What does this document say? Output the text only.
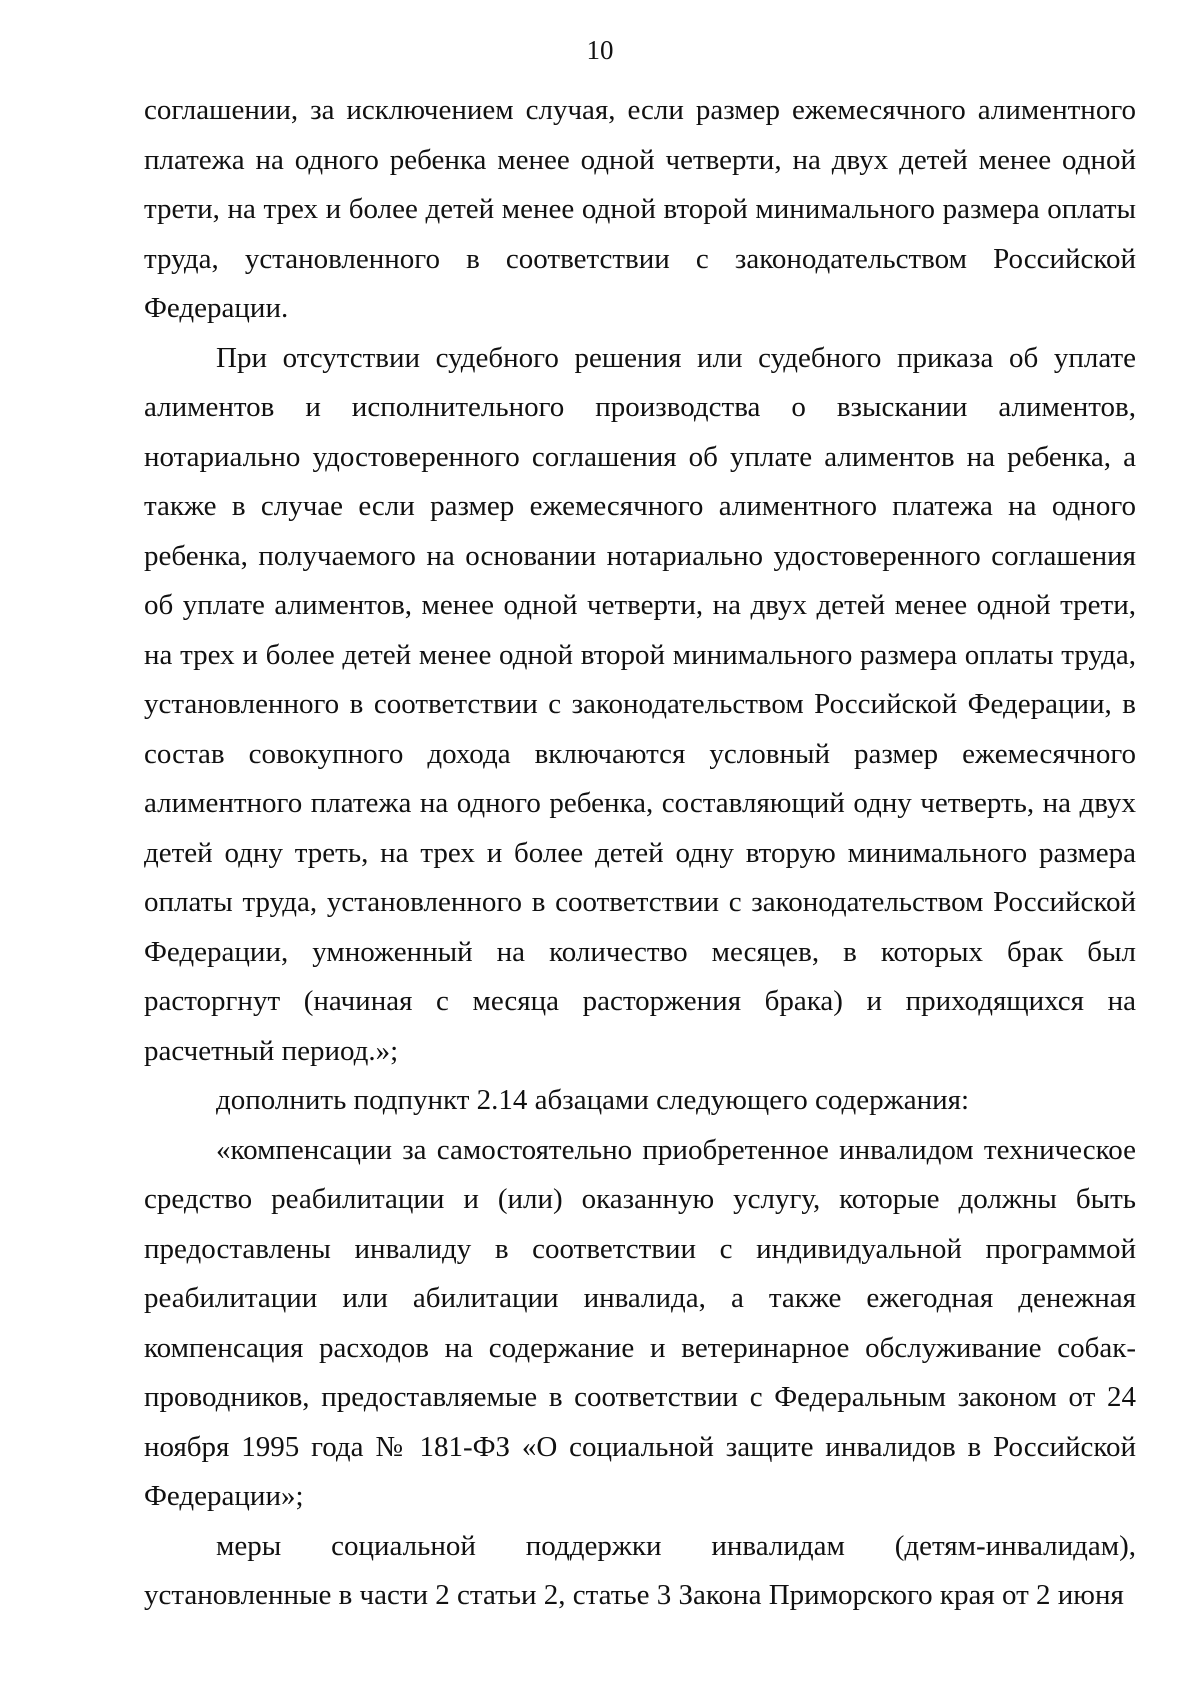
10

соглашении, за исключением случая, если размер ежемесячного алиментного платежа на одного ребенка менее одной четверти, на двух детей менее одной трети, на трех и более детей менее одной второй минимального размера оплаты труда, установленного в соответствии с законодательством Российской Федерации.

При отсутствии судебного решения или судебного приказа об уплате алиментов и исполнительного производства о взыскании алиментов, нотариально удостоверенного соглашения об уплате алиментов на ребенка, а также в случае если размер ежемесячного алиментного платежа на одного ребенка, получаемого на основании нотариально удостоверенного соглашения об уплате алиментов, менее одной четверти, на двух детей менее одной трети, на трех и более детей менее одной второй минимального размера оплаты труда, установленного в соответствии с законодательством Российской Федерации, в состав совокупного дохода включаются условный размер ежемесячного алиментного платежа на одного ребенка, составляющий одну четверть, на двух детей одну треть, на трех и более детей одну вторую минимального размера оплаты труда, установленного в соответствии с законодательством Российской Федерации, умноженный на количество месяцев, в которых брак был расторгнут (начиная с месяца расторжения брака) и приходящихся на расчетный период.»;

дополнить подпункт 2.14 абзацами следующего содержания:

«компенсации за самостоятельно приобретенное инвалидом техническое средство реабилитации и (или) оказанную услугу, которые должны быть предоставлены инвалиду в соответствии с индивидуальной программой реабилитации или абилитации инвалида, а также ежегодная денежная компенсация расходов на содержание и ветеринарное обслуживание собак-проводников, предоставляемые в соответствии с Федеральным законом от 24 ноября 1995 года № 181-ФЗ «О социальной защите инвалидов в Российской Федерации»;

меры социальной поддержки инвалидам (детям-инвалидам), установленные в части 2 статьи 2, статье 3 Закона Приморского края от 2 июня
